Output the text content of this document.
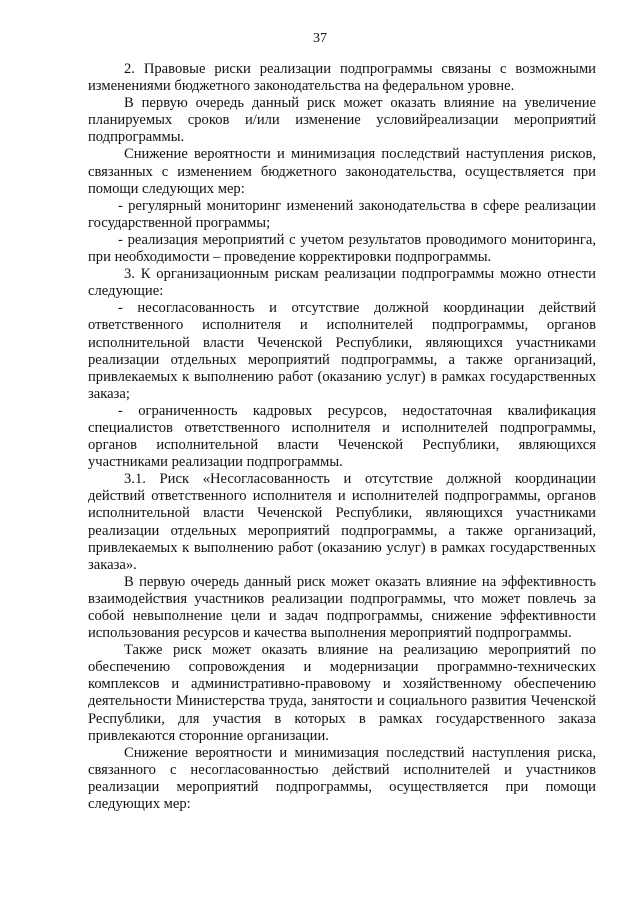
37

2. Правовые риски реализации подпрограммы связаны с возможными изменениями бюджетного законодательства на федеральном уровне.

В первую очередь данный риск может оказать влияние на увеличение планируемых сроков и/или изменение условийреализации мероприятий подпрограммы.

Снижение вероятности и минимизация последствий наступления рисков, связанных с изменением бюджетного законодательства, осуществляется при помощи следующих мер:

- регулярный мониторинг изменений законодательства в сфере реализации государственной программы;

- реализация мероприятий с учетом результатов проводимого мониторинга, при необходимости – проведение корректировки подпрограммы.

3. К организационным рискам реализации подпрограммы можно отнести следующие:

- несогласованность и отсутствие должной координации действий ответственного исполнителя и исполнителей подпрограммы, органов исполнительной власти Чеченской Республики, являющихся участниками реализации отдельных мероприятий подпрограммы, а также организаций, привлекаемых к выполнению работ (оказанию услуг) в рамках государственных заказа;

- ограниченность кадровых ресурсов, недостаточная квалификация специалистов ответственного исполнителя и исполнителей подпрограммы, органов исполнительной власти Чеченской Республики, являющихся участниками реализации подпрограммы.

3.1. Риск «Несогласованность и отсутствие должной координации действий ответственного исполнителя и исполнителей подпрограммы, органов исполнительной власти Чеченской Республики, являющихся участниками реализации отдельных мероприятий подпрограммы, а также организаций, привлекаемых к выполнению работ (оказанию услуг) в рамках государственных заказа».

В первую очередь данный риск может оказать влияние на эффективность взаимодействия участников реализации подпрограммы, что может повлечь за собой невыполнение цели и задач подпрограммы, снижение эффективности использования ресурсов и качества выполнения мероприятий подпрограммы.

Также риск может оказать влияние на реализацию мероприятий по обеспечению сопровождения и модернизации программно-технических комплексов и административно-правовому и хозяйственному обеспечению деятельности Министерства труда, занятости и социального развития Чеченской Республики, для участия в которых в рамках государственного заказа привлекаются сторонние организации.

Снижение вероятности и минимизация последствий наступления риска, связанного с несогласованностью действий исполнителей и участников реализации мероприятий подпрограммы, осуществляется при помощи следующих мер:
